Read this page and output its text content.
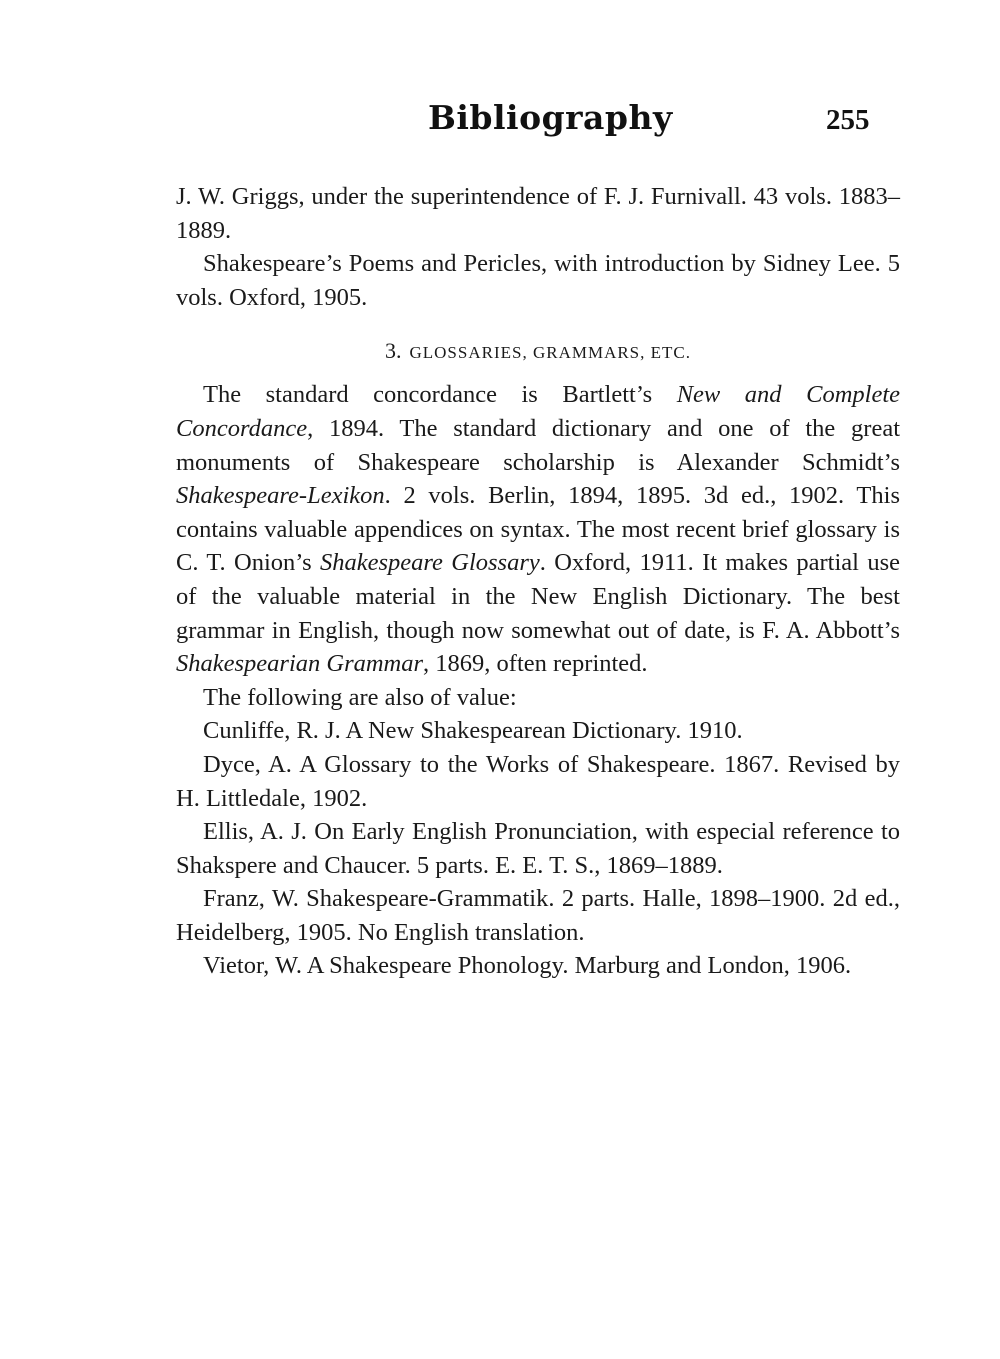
Bibliography	255

J. W. Griggs, under the superintendence of F. J. Furnivall. 43 vols. 1883–1889.

Shakespeare’s Poems and Pericles, with introduction by Sidney Lee. 5 vols. Oxford, 1905.

3. GLOSSARIES, GRAMMARS, ETC.

The standard concordance is Bartlett’s New and Complete Concordance, 1894. The standard dictionary and one of the great monuments of Shakespeare scholarship is Alexander Schmidt’s Shakespeare-Lexikon. 2 vols. Berlin, 1894, 1895. 3d ed., 1902. This contains valuable appendices on syntax. The most recent brief glossary is C. T. Onion’s Shakespeare Glossary. Oxford, 1911. It makes partial use of the valuable material in the New English Dictionary. The best grammar in English, though now somewhat out of date, is F. A. Abbott’s Shakespearian Grammar, 1869, often reprinted.

The following are also of value:

Cunliffe, R. J. A New Shakespearean Dictionary. 1910.

Dyce, A. A Glossary to the Works of Shakespeare. 1867. Revised by H. Littledale, 1902.

Ellis, A. J. On Early English Pronunciation, with especial reference to Shakspere and Chaucer. 5 parts. E. E. T. S., 1869–1889.

Franz, W. Shakespeare-Grammatik. 2 parts. Halle, 1898–1900. 2d ed., Heidelberg, 1905. No English translation.

Vietor, W. A Shakespeare Phonology. Marburg and London, 1906.
